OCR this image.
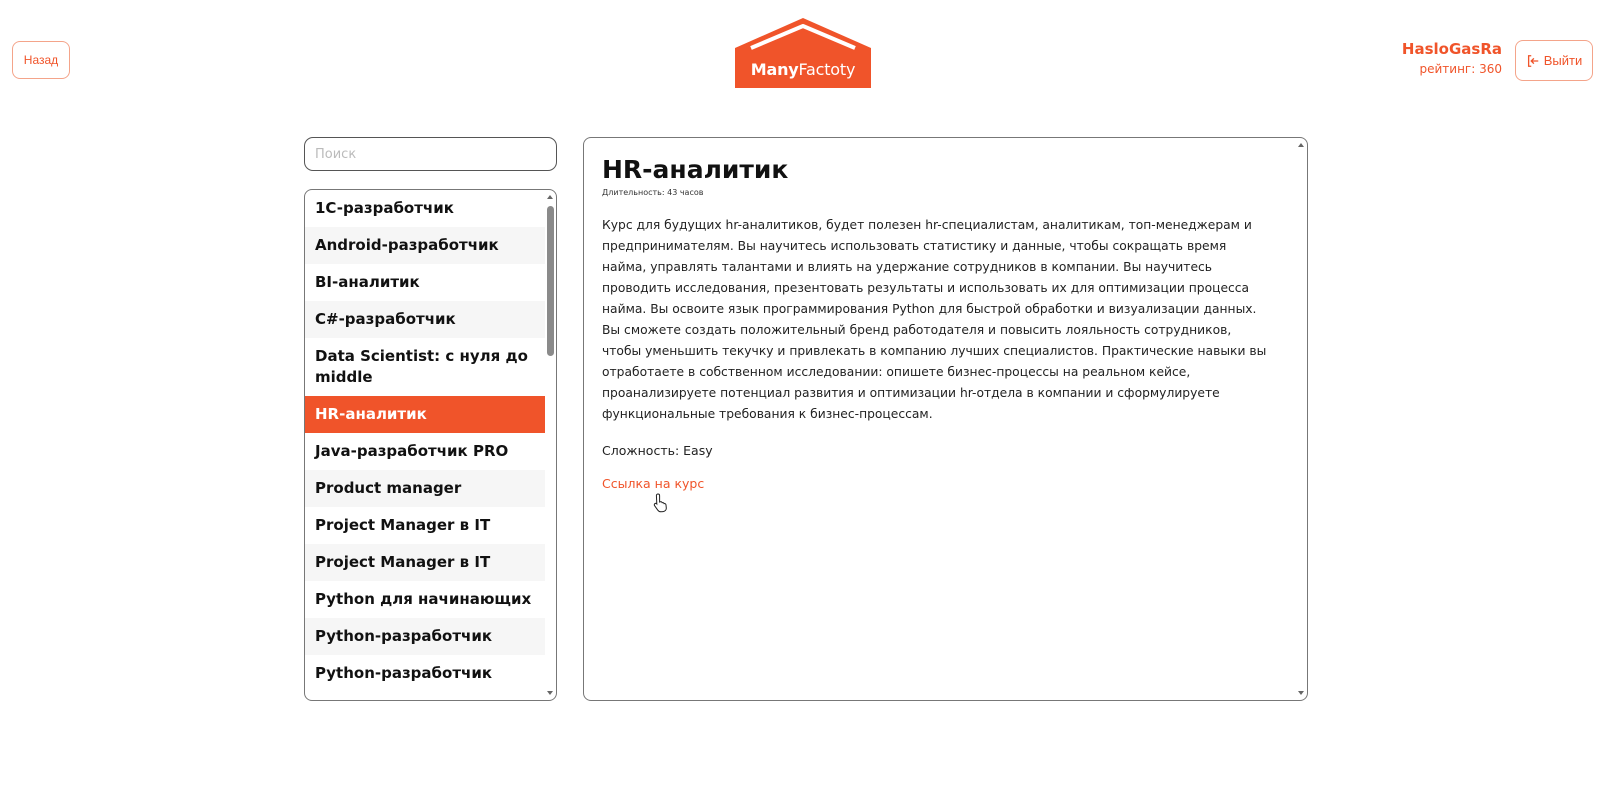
Назад	ManyFactoty
HasloGasRa
рейтинг: 360
Выйти
Поиск
1C-разработчик
Android-разработчик
BI-аналитик
C#-разработчик
Data Scientist: с нуля до middle
HR-аналитик
Java-разработчик PRO
Product manager
Project Manager в IT
Project Manager в IT
Python для начинающих
Python-разработчик
Python-разработчик
HR-аналитик
Длительность: 43 часов
Курс для будущих hr-аналитиков, будет полезен hr-специалистам, аналитикам, топ-менеджерам и предпринимателям. Вы научитесь использовать статистику и данные, чтобы сокращать время найма, управлять талантами и влиять на удержание сотрудников в компании. Вы научитесь проводить исследования, презентовать результаты и использовать их для оптимизации процесса найма. Вы освоите язык программирования Python для быстрой обработки и визуализации данных. Вы сможете создать положительный бренд работодателя и повысить лояльность сотрудников, чтобы уменьшить текучку и привлекать в компанию лучших специалистов. Практические навыки вы отработаете в собственном исследовании: опишете бизнес-процессы на реальном кейсе, проанализируете потенциал развития и оптимизации hr-отдела в компании и сформулируете функциональные требования к бизнес-процессам.
Сложность: Easy
Ссылка на курс
